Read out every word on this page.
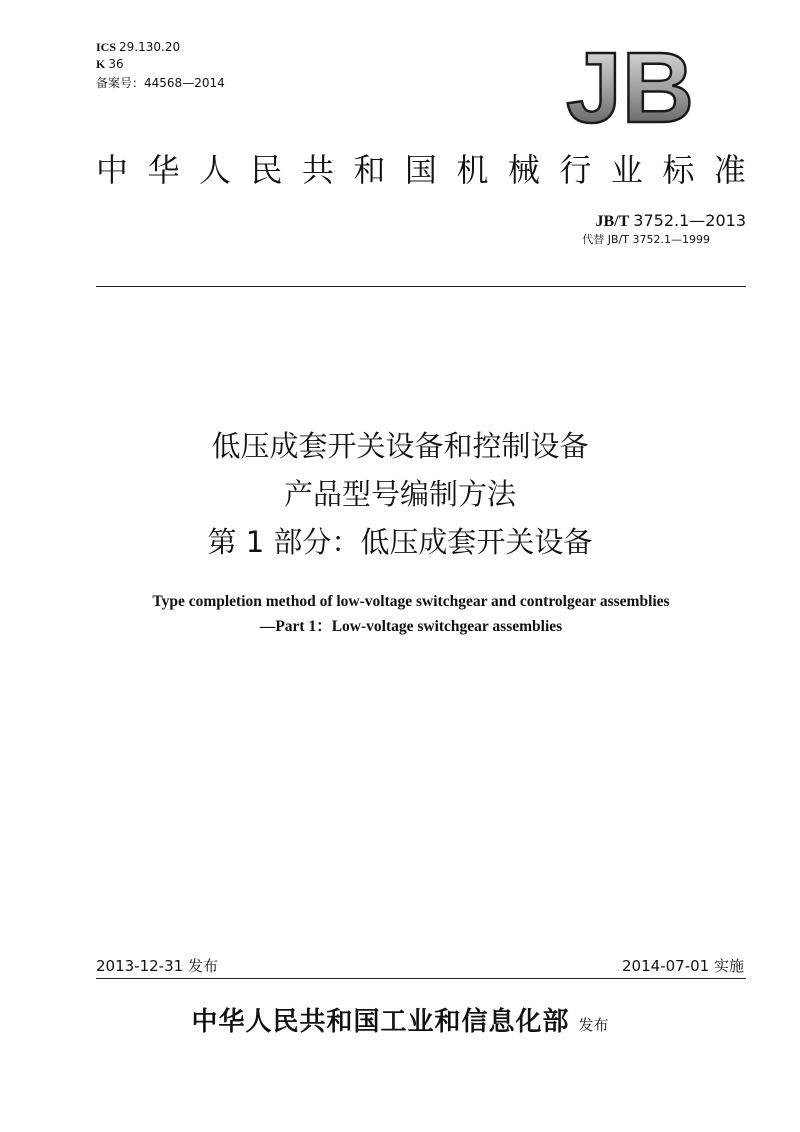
ICS 29.130.20
K 36
备案号：44568—2014	JB
中 华 人 民 共 和 国 机 械 行 业 标 准
JB/T 3752.1—2013
代替 JB/T 3752.1—1999
低压成套开关设备和控制设备
产品型号编制方法
第 1 部分：低压成套开关设备
Type completion method of low-voltage switchgear and controlgear assemblies
—Part 1：Low-voltage switchgear assemblies
2013-12-31 发布	2014-07-01 实施
中华人民共和国工业和信息化部 发布
